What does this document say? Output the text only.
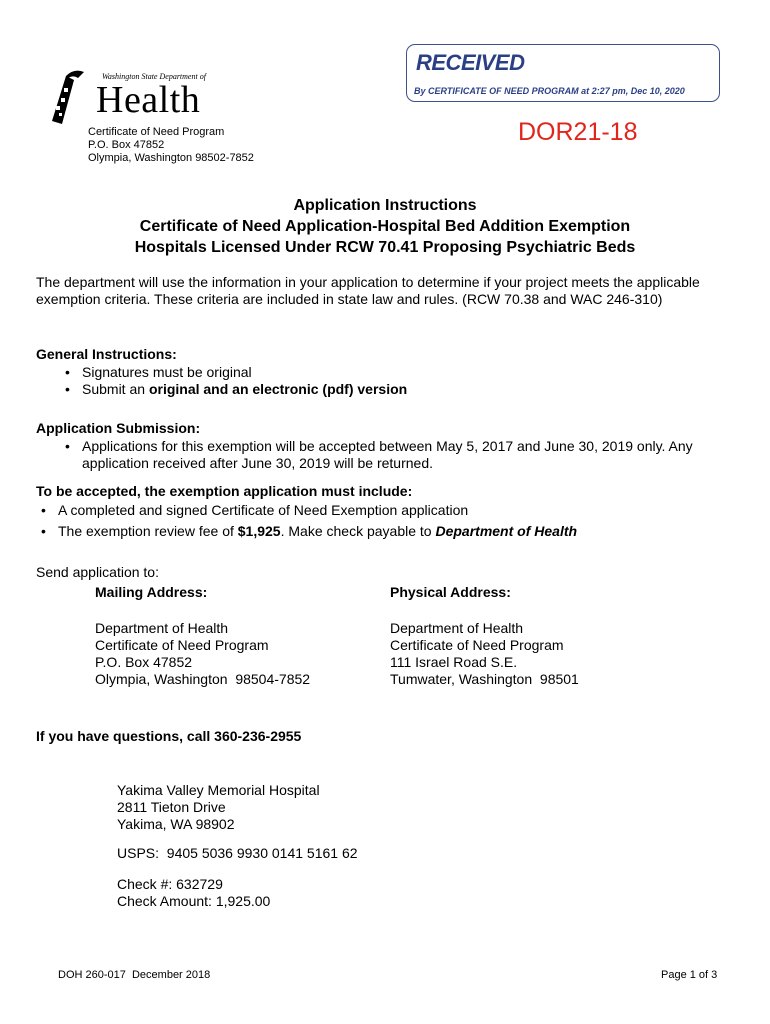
Washington State Department of
Health
Certificate of Need Program
P.O. Box 47852
Olympia, Washington 98502-7852
RECEIVED
By CERTIFICATE OF NEED PROGRAM at 2:27 pm, Dec 10, 2020
DOR21-18
Application Instructions
Certificate of Need Application-Hospital Bed Addition Exemption
Hospitals Licensed Under RCW 70.41 Proposing Psychiatric Beds
The department will use the information in your application to determine if your project meets the applicable exemption criteria. These criteria are included in state law and rules. (RCW 70.38 and WAC 246-310)
General Instructions:
• Signatures must be original
• Submit an original and an electronic (pdf) version
Application Submission:
• Applications for this exemption will be accepted between May 5, 2017 and June 30, 2019 only. Any application received after June 30, 2019 will be returned.
To be accepted, the exemption application must include:
• A completed and signed Certificate of Need Exemption application
• The exemption review fee of $1,925. Make check payable to Department of Health
Send application to:
Mailing Address:	Physical Address:
Department of Health
Certificate of Need Program
P.O. Box 47852
Olympia, Washington  98504-7852
Department of Health
Certificate of Need Program
111 Israel Road S.E.
Tumwater, Washington  98501
If you have questions, call 360-236-2955
Yakima Valley Memorial Hospital
2811 Tieton Drive
Yakima, WA 98902
USPS:  9405 5036 9930 0141 5161 62
Check #: 632729
Check Amount: 1,925.00
DOH 260-017  December 2018	Page 1 of 3
